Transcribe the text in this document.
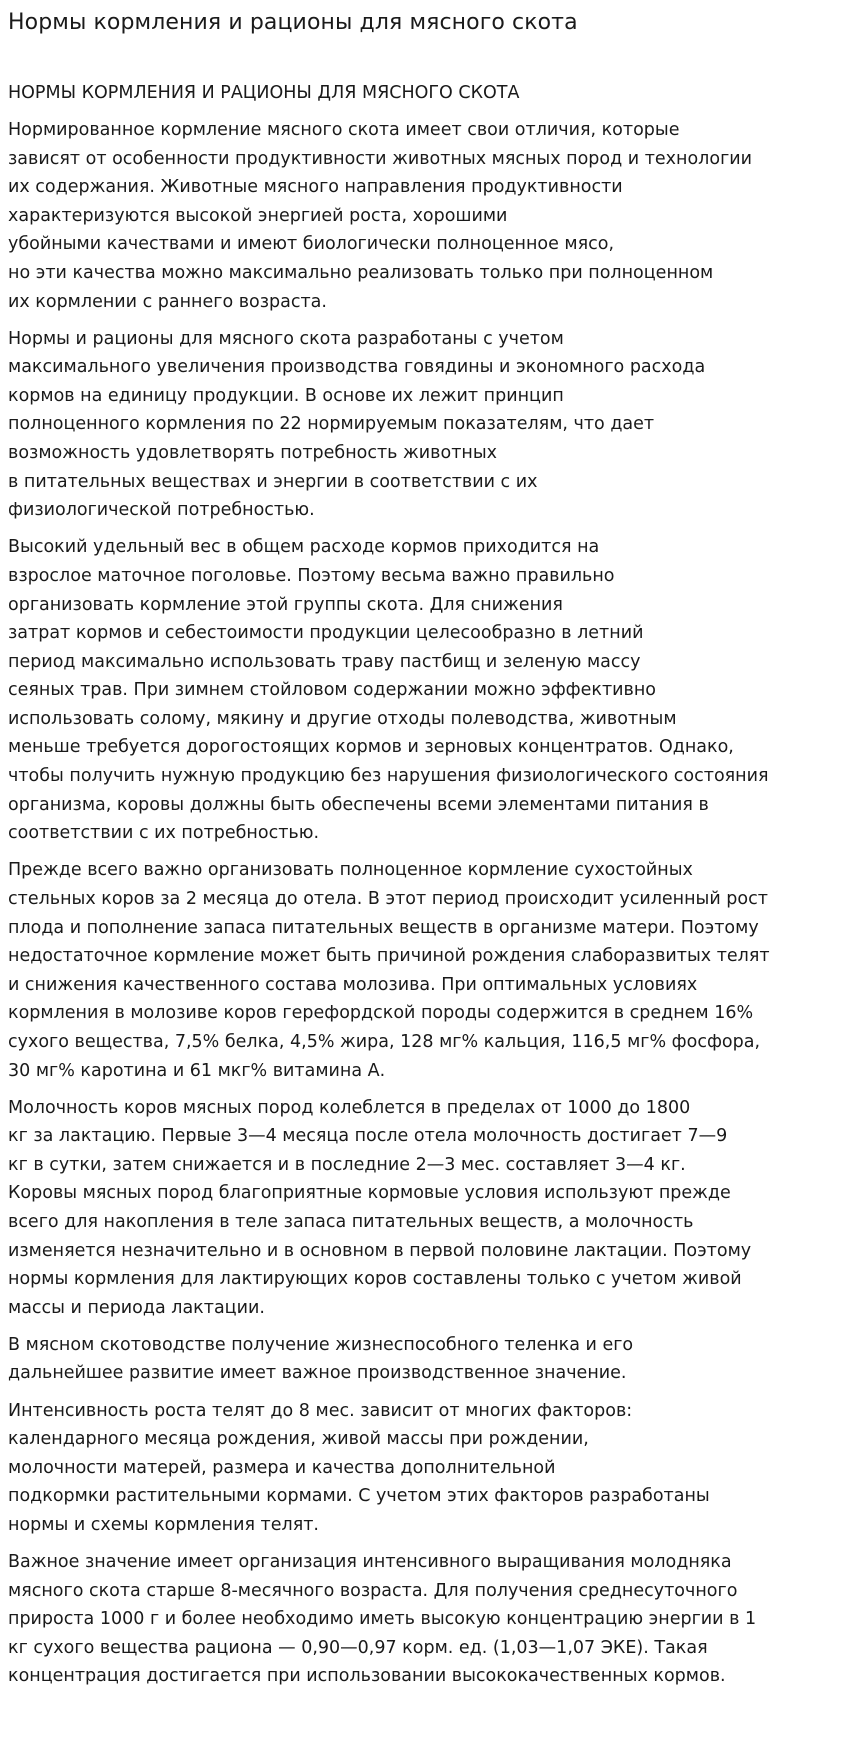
Нормы кормления и рационы для мясного скота
НОРМЫ КОРМЛЕНИЯ И РАЦИОНЫ ДЛЯ МЯСНОГО СКОТА

Нормированное кормление мясного скота имеет свои отличия, которые
зависят от особенности продуктивности животных мясных пород и технологии
их содержания. Животные мясного направления продуктивности
характеризуются высокой энергией роста, хорошими
убойными качествами и имеют биологически полноценное мясо,
но эти качества можно максимально реализовать только при полноценном
их кормлении с раннего возраста.

Нормы и рационы для мясного скота разработаны с учетом
максимального увеличения производства говядины и экономного расхода
кормов на единицу продукции. В основе их лежит принцип
полноценного кормления по 22 нормируемым показателям, что дает
возможность удовлетворять потребность животных
в питательных веществах и энергии в соответствии с их
физиологической потребностью.

Высокий удельный вес в общем расходе кормов приходится на
взрослое маточное поголовье. Поэтому весьма важно правильно
организовать кормление этой группы скота. Для снижения
затрат кормов и себестоимости продукции целесообразно в летний
период максимально использовать траву пастбищ и зеленую массу
сеяных трав. При зимнем стойловом содержании можно эффективно
использовать солому, мякину и другие отходы полеводства, животным
меньше требуется дорогостоящих кормов и зерновых концентратов. Однако,
чтобы получить нужную продукцию без нарушения физиологического состояния
организма, коровы должны быть обеспечены всеми элементами питания в
соответствии с их потребностью.

Прежде всего важно организовать полноценное кормление сухостойных
стельных коров за 2 месяца до отела. В этот период происходит усиленный рост
плода и пополнение запаса питательных веществ в организме матери. Поэтому
недостаточное кормление может быть причиной рождения слаборазвитых телят
и снижения качественного состава молозива. При оптимальных условиях
кормления в молозиве коров герефордской породы содержится в среднем 16%
сухого вещества, 7,5% белка, 4,5% жира, 128 мг% кальция, 116,5 мг% фосфора,
30 мг% каротина и 61 мкг% витамина А.

Молочность коров мясных пород колеблется в пределах от 1000 до 1800
кг за лактацию. Первые 3—4 месяца после отела молочность достигает 7—9
кг в сутки, затем снижается и в последние 2—3 мес. составляет 3—4 кг.
Коровы мясных пород благоприятные кормовые условия используют прежде
всего для накопления в теле запаса питательных веществ, а молочность
изменяется незначительно и в основном в первой половине лактации. Поэтому
нормы кормления для лактирующих коров составлены только с учетом живой
массы и периода лактации.

В мясном скотоводстве получение жизнеспособного теленка и его
дальнейшее развитие имеет важное производственное значение.

Интенсивность роста телят до 8 мес. зависит от многих факторов:
календарного месяца рождения, живой массы при рождении,
молочности матерей, размера и качества дополнительной
подкормки растительными кормами. С учетом этих факторов разработаны
нормы и схемы кормления телят.

Важное значение имеет организация интенсивного выращивания молодняка
мясного скота старше 8-месячного возраста. Для получения среднесуточного
прироста 1000 г и более необходимо иметь высокую концентрацию энергии в 1
кг сухого вещества рациона — 0,90—0,97 корм. ед. (1,03—1,07 ЭКЕ). Такая
концентрация достигается при использовании высококачественных кормов.
